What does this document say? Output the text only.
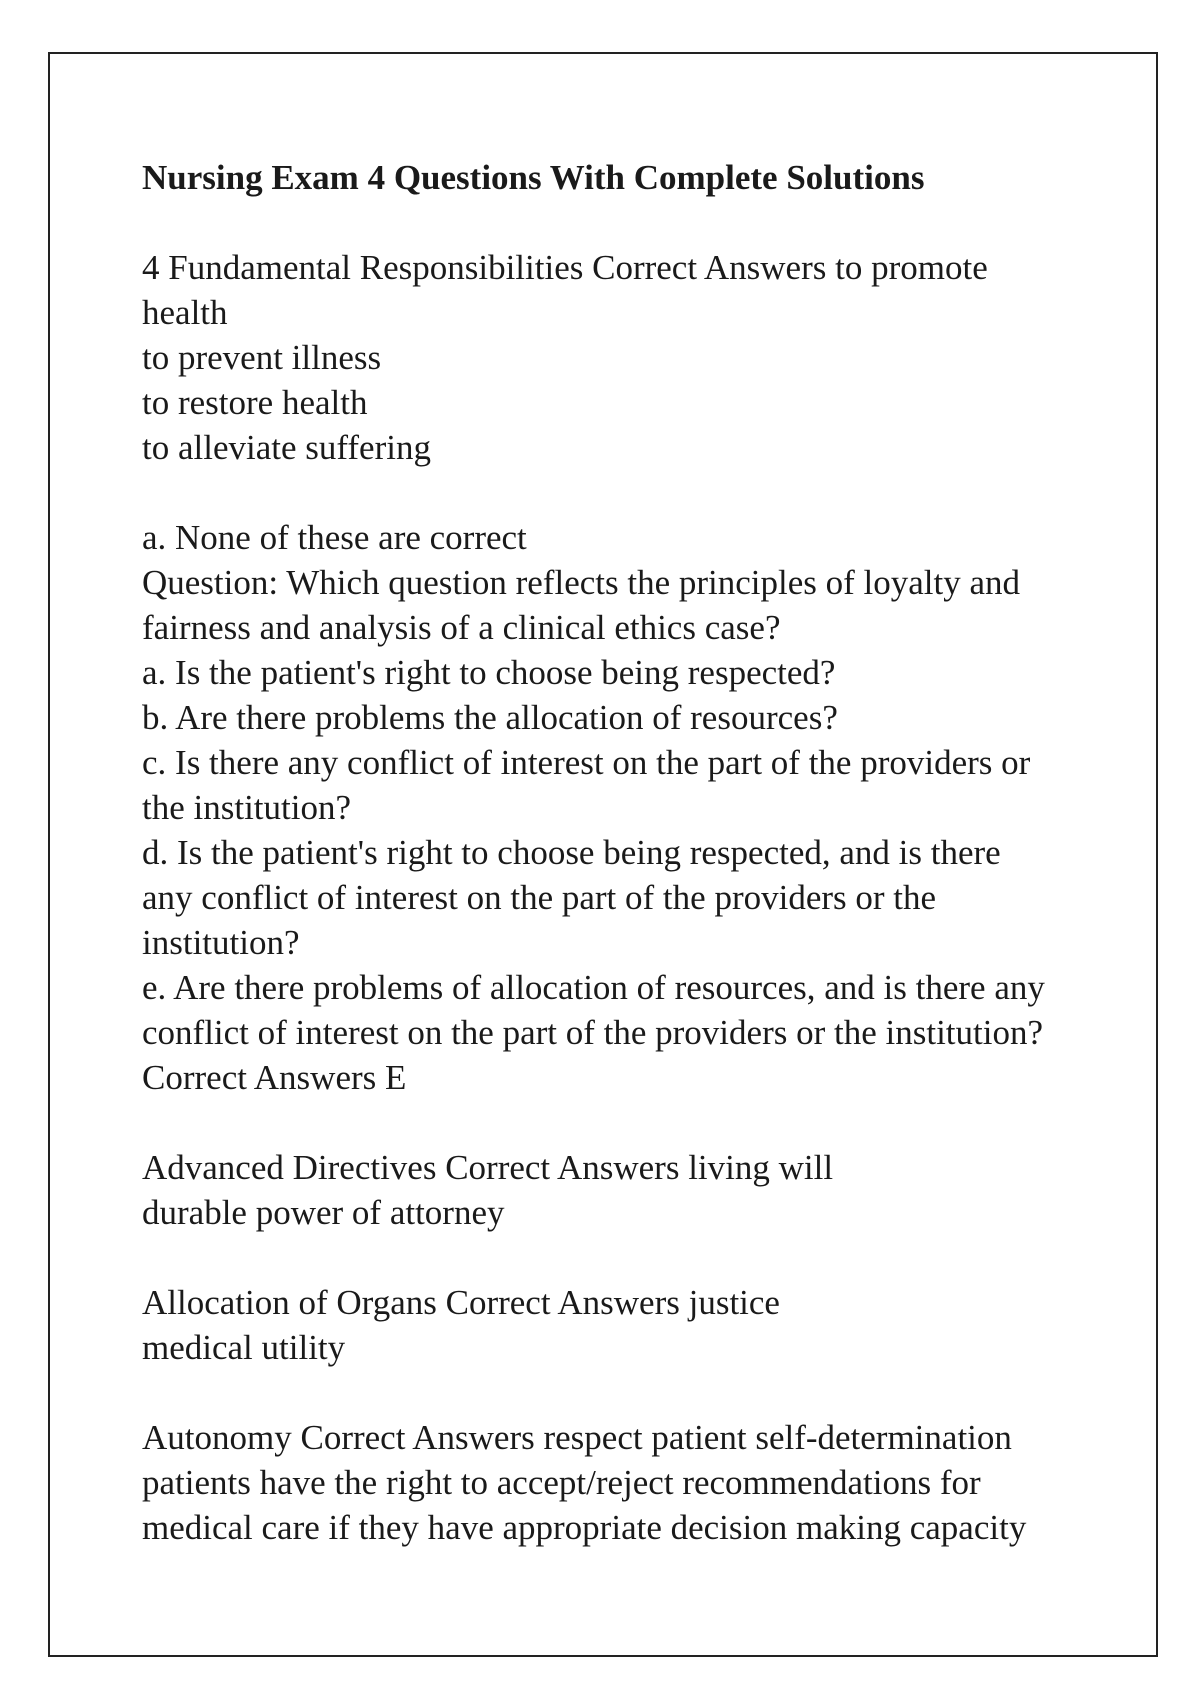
Nursing Exam 4 Questions With Complete Solutions
4 Fundamental Responsibilities Correct Answers to promote
health
to prevent illness
to restore health
to alleviate suffering
a. None of these are correct
Question: Which question reflects the principles of loyalty and
fairness and analysis of a clinical ethics case?
a. Is the patient's right to choose being respected?
b. Are there problems the allocation of resources?
c. Is there any conflict of interest on the part of the providers or
the institution?
d. Is the patient's right to choose being respected, and is there
any conflict of interest on the part of the providers or the
institution?
e. Are there problems of allocation of resources, and is there any
conflict of interest on the part of the providers or the institution?
Correct Answers E
Advanced Directives Correct Answers living will
durable power of attorney
Allocation of Organs Correct Answers justice
medical utility
Autonomy Correct Answers respect patient self-determination
patients have the right to accept/reject recommendations for
medical care if they have appropriate decision making capacity
